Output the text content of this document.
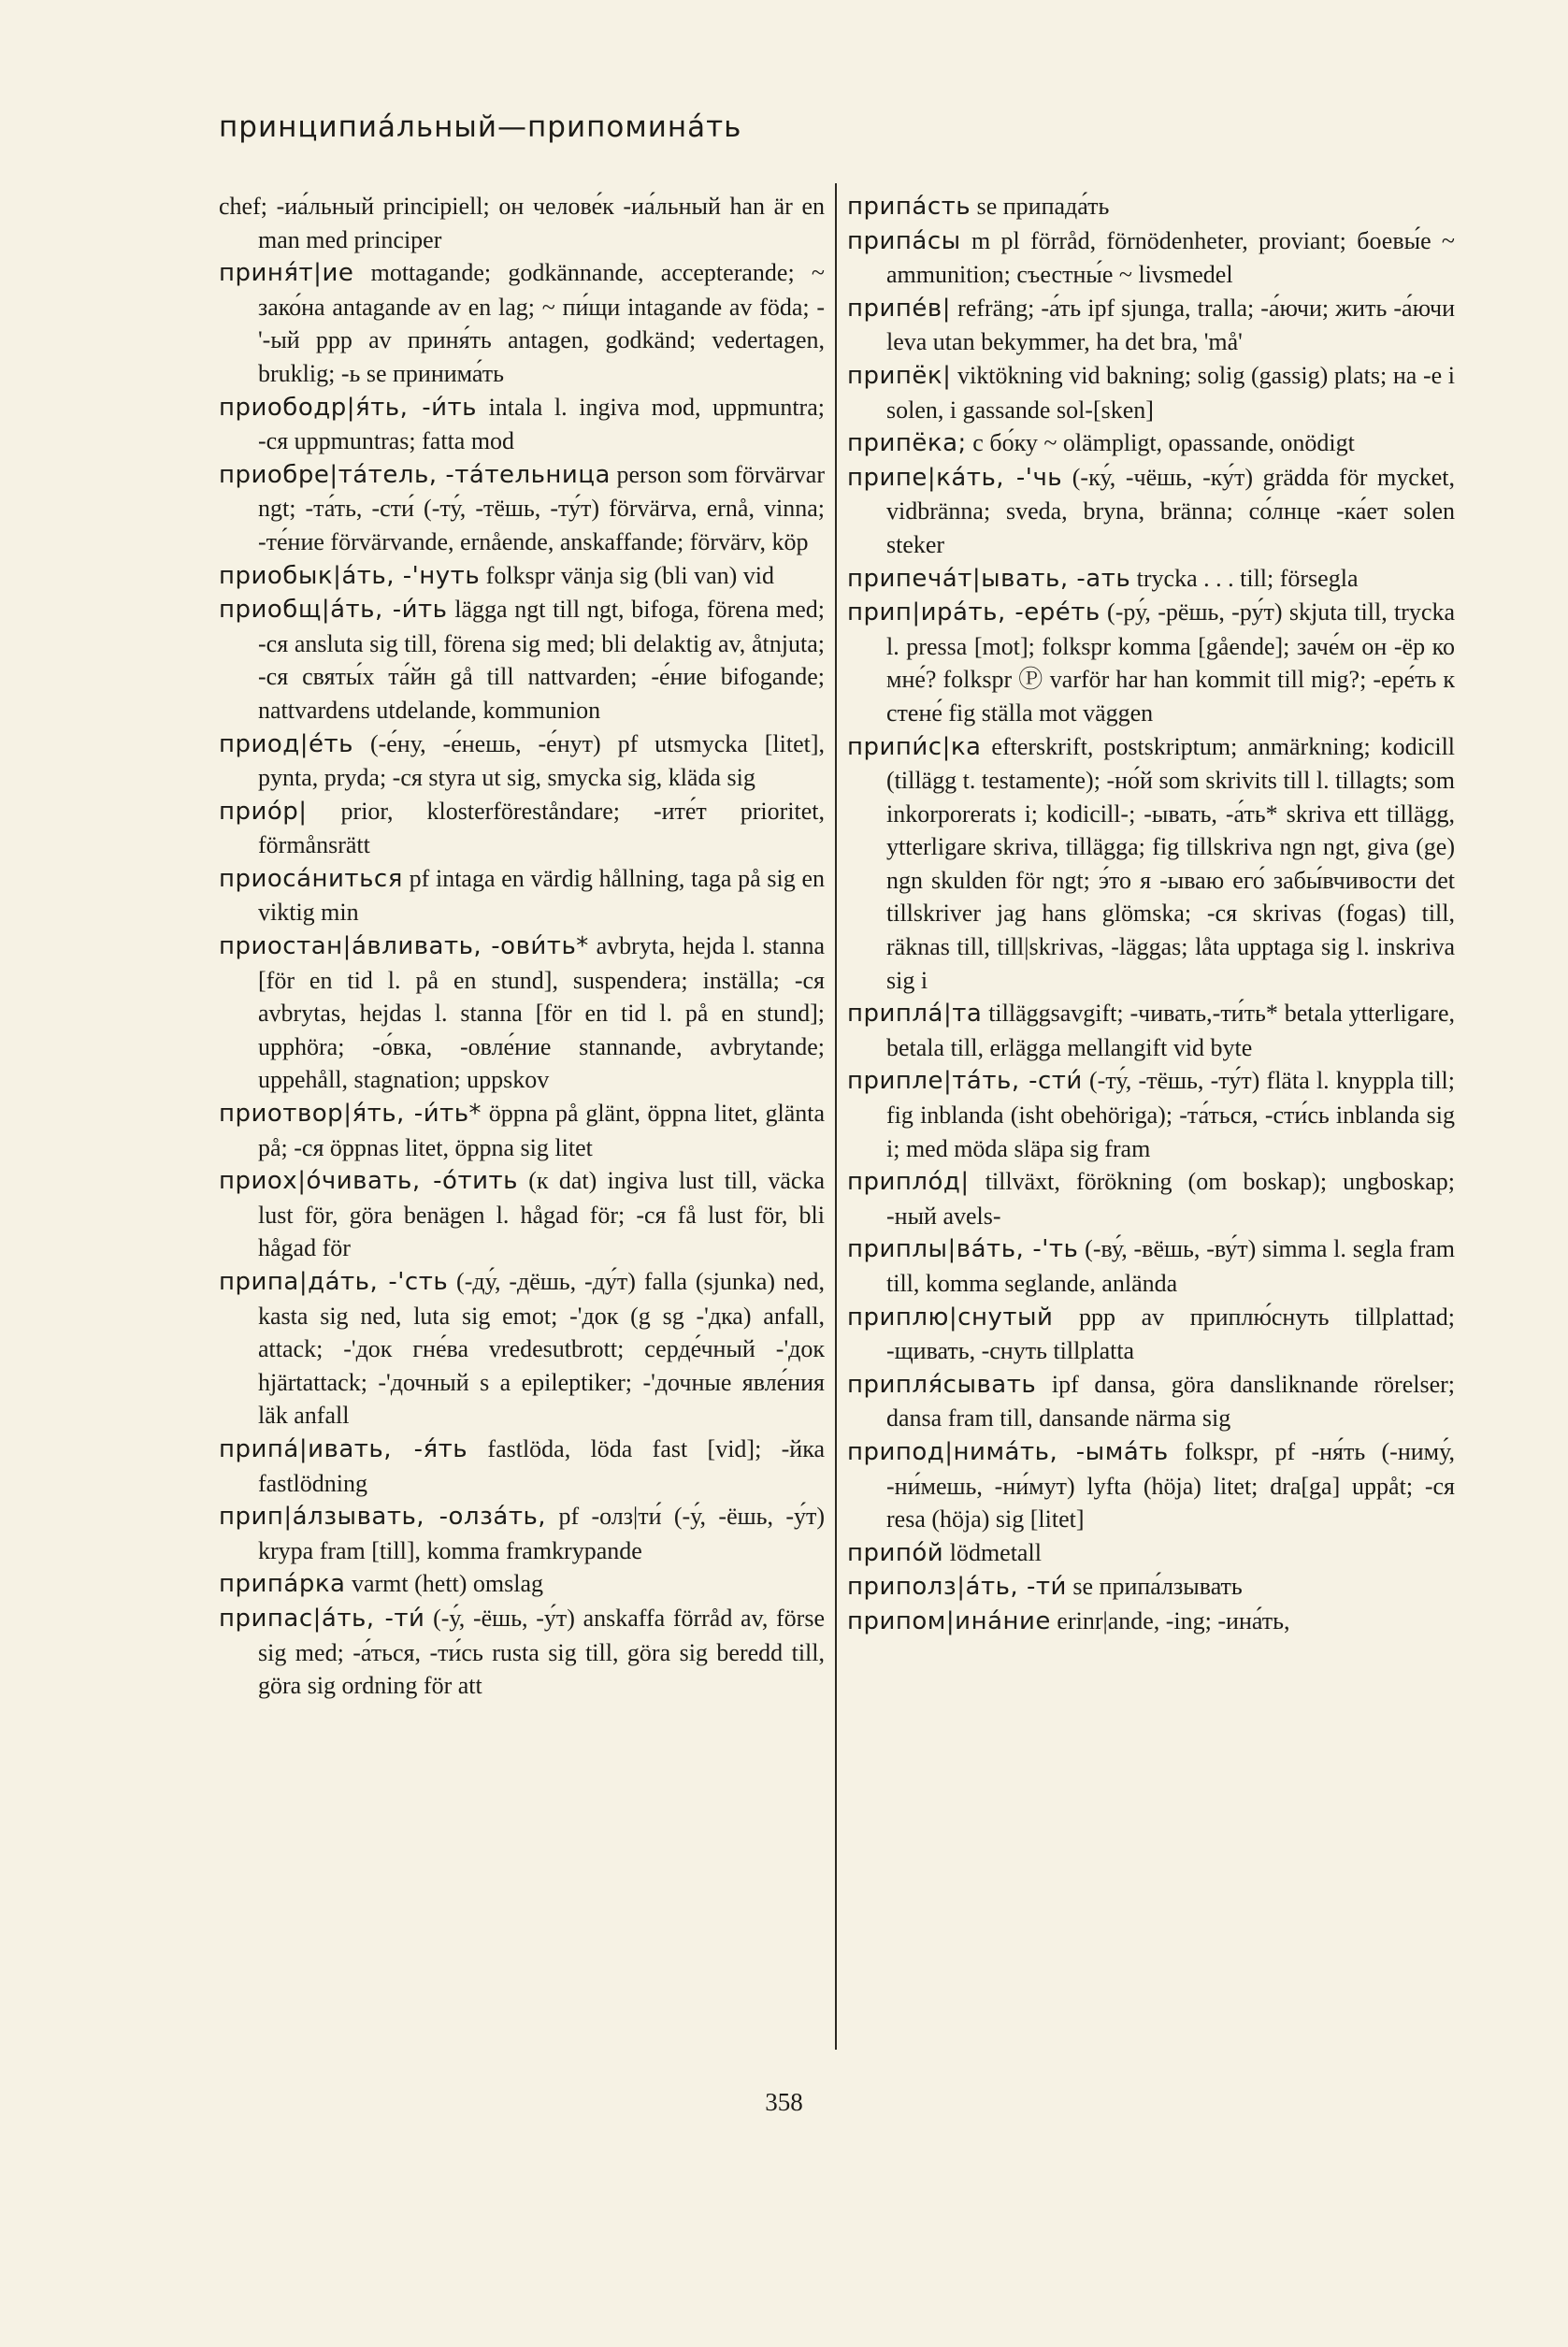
принципиа́льный—припомина́ть

chef; -иа́льный principiell; он челове́к -иа́льный han är en man med principer

приня́т|ие mottagande; godkännande, accepterande; ~ зако́на antagande av en lag; ~ пи́щи intagande av föda; -'-ый ppp av приня́ть antagen, godkänd; vedertagen, bruklig; -ь se принима́ть

приободр|я́ть, -и́ть intala l. ingiva mod, uppmuntra; -ся uppmuntras; fatta mod

приобре|та́тель, -та́тельница person som förvärvar ngt; -та́ть, -сти́ (-ту́, -тёшь, -ту́т) förvärva, ernå, vinna; -те́ние förvärvande, ernående, anskaffande; förvärv, köp

приобык|а́ть, -'нуть folkspr vänja sig (bli van) vid

приобщ|а́ть, -и́ть lägga ngt till ngt, bifoga, förena med; -ся ansluta sig till, förena sig med; bli delaktig av, åtnjuta; -ся святы́х та́йн gå till nattvarden; -е́ние bifogande; nattvardens utdelande, kommunion

приод|е́ть (-е́ну, -е́нешь, -е́нут) pf utsmycka [litet], pynta, pryda; -ся styra ut sig, smycka sig, kläda sig

прио́р| prior, klosterföreståndare; -ите́т prioritet, förmånsrätt

приоса́ниться pf intaga en värdig hållning, taga på sig en viktig min

приостан|а́вливать, -ови́ть* avbryta, hejda l. stanna [för en tid l. på en stund], suspendera; inställa; -ся avbrytas, hejdas l. stanna [för en tid l. på en stund]; upphöra; -о́вка, -овле́ние stannande, avbrytande; uppehåll, stagnation; uppskov

приотвор|я́ть, -и́ть* öppna på glänt, öppna litet, glänta på; -ся öppnas litet, öppna sig litet

приох|о́чивать, -о́тить (к dat) ingiva lust till, väcka lust för, göra benägen l. hågad för; -ся få lust för, bli hågad för

припа|да́ть, -'сть (-ду́, -дёшь, -ду́т) falla (sjunka) ned, kasta sig ned, luta sig emot; -'док (g sg -'дка) anfall, attack; -'док гне́ва vredesutbrott; серде́чный -'док hjärtattack; -'дочный s a epileptiker; -'дочные явле́ния läk anfall

припа́|ивать, -я́ть fastlöda, löda fast [vid]; -йка fastlödning

прип|а́лзывать, -олза́ть, pf -олз|ти́ (-у́, -ёшь, -у́т) krypa fram [till], komma framkrypande

припа́рка varmt (hett) omslag

припас|а́ть, -ти́ (-у́, -ёшь, -у́т) anskaffa förråd av, förse sig med; -а́ться, -ти́сь rusta sig till, göra sig beredd till, göra sig ordning för att

припа́сть se припада́ть

припа́сы m pl förråd, förnödenheter, proviant; боевы́е ~ ammunition; съестны́е ~ livsmedel

припе́в| refräng; -а́ть ipf sjunga, tralla; -а́ючи; жить -а́ючи leva utan bekymmer, ha det bra, 'må'

припёк| viktökning vid bakning; solig (gassig) plats; на -е i solen, i gassande sol-[sken]

припёка; с бо́ку ~ olämpligt, opassande, onödigt

припе|ка́ть, -'чь (-ку́, -чёшь, -ку́т) grädda för mycket, vidbränna; sveda, bryna, bränna; со́лнце -ка́ет solen steker

припеча́т|ывать, -ать trycka . . . till; försegla

прип|ира́ть, -ере́ть (-ру́, -рёшь, -ру́т) skjuta till, trycka l. pressa [mot]; folkspr komma [gående]; заче́м он -ёр ко мне́? folkspr Ⓟ varför har han kommit till mig?; -ере́ть к стене́ fig ställa mot väggen

припи́с|ка efterskrift, postskriptum; anmärkning; kodicill (tillägg t. testamente); -но́й som skrivits till l. tillagts; som inkorporerats i; kodicill-; -ывать, -а́ть* skriva ett tillägg, ytterligare skriva, tillägga; fig tillskriva ngn ngt, giva (ge) ngn skulden för ngt; э́то я -ываю его́ забы́вчивости det tillskriver jag hans glömska; -ся skrivas (fogas) till, räknas till, till|skrivas, -läggas; låta upptaga sig l. inskriva sig i

припла́|та tilläggsavgift; -чивать,-ти́ть* betala ytterligare, betala till, erlägga mellangift vid byte

приплe|та́ть, -сти́ (-ту́, -тёшь, -ту́т) fläta l. knyppla till; fig inblanda (isht obehöriga); -та́ться, -сти́сь inblanda sig i; med möda släpa sig fram

припло́д| tillväxt, förökning (om boskap); ungboskap; -ный avels-

приплы|ва́ть, -'ть (-ву́, -вёшь, -ву́т) simma l. segla fram till, komma seglande, anlända

приплю|снутый ppp av приплю́снуть tillplattad; -щивать, -снуть tillplatta

припля́сывать ipf dansa, göra dansliknande rörelser; dansa fram till, dansande närma sig

припод|нима́ть, -ыма́ть folkspr, pf -ня́ть (-ниму́, -ни́мешь, -ни́мут) lyfta (höja) litet; dra[ga] uppåt; -ся resa (höja) sig [litet]

припо́й lödmetall

приполз|а́ть, -ти́ se припа́лзывать

припом|ина́ние erinr|ande, -ing; -ина́ть,

358
